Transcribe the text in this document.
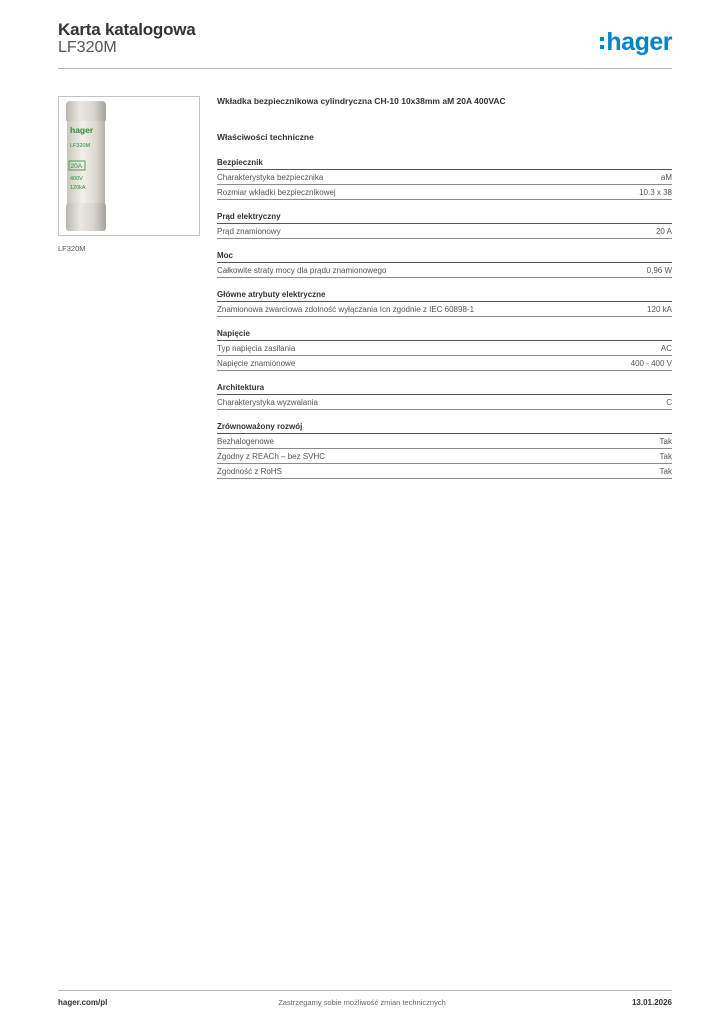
Karta katalogowa
LF320M	hager
hager
LF320M
20A
400V
120kA
LF320M
Wkładka bezpiecznikowa cylindryczna CH-10 10x38mm aM 20A 400VAC
Właściwości techniczne
Bezpiecznik
Charakterystyka bezpiecznika	aM
Rozmiar wkładki bezpiecznikowej	10.3 x 38
Prąd elektryczny
Prąd znamionowy	20 A
Moc
Całkowite straty mocy dla prądu znamionowego	0,96 W
Główne atrybuty elektryczne
Znamionowa zwarciowa zdolność wyłączania Icn zgodnie z IEC 60898-1	120 kA
Napięcie
Typ napięcia zasilania	AC
Napięcie znamionowe	400 - 400 V
Architektura
Charakterystyka wyzwalania	C
Zrównoważony rozwój
Bezhalogenowe	Tak
Zgodny z REACh – bez SVHC	Tak
Zgodność z RoHS	Tak
Zastrzegamy sobie możliwość zmian technicznych
hager.com/pl	13.01.2026
